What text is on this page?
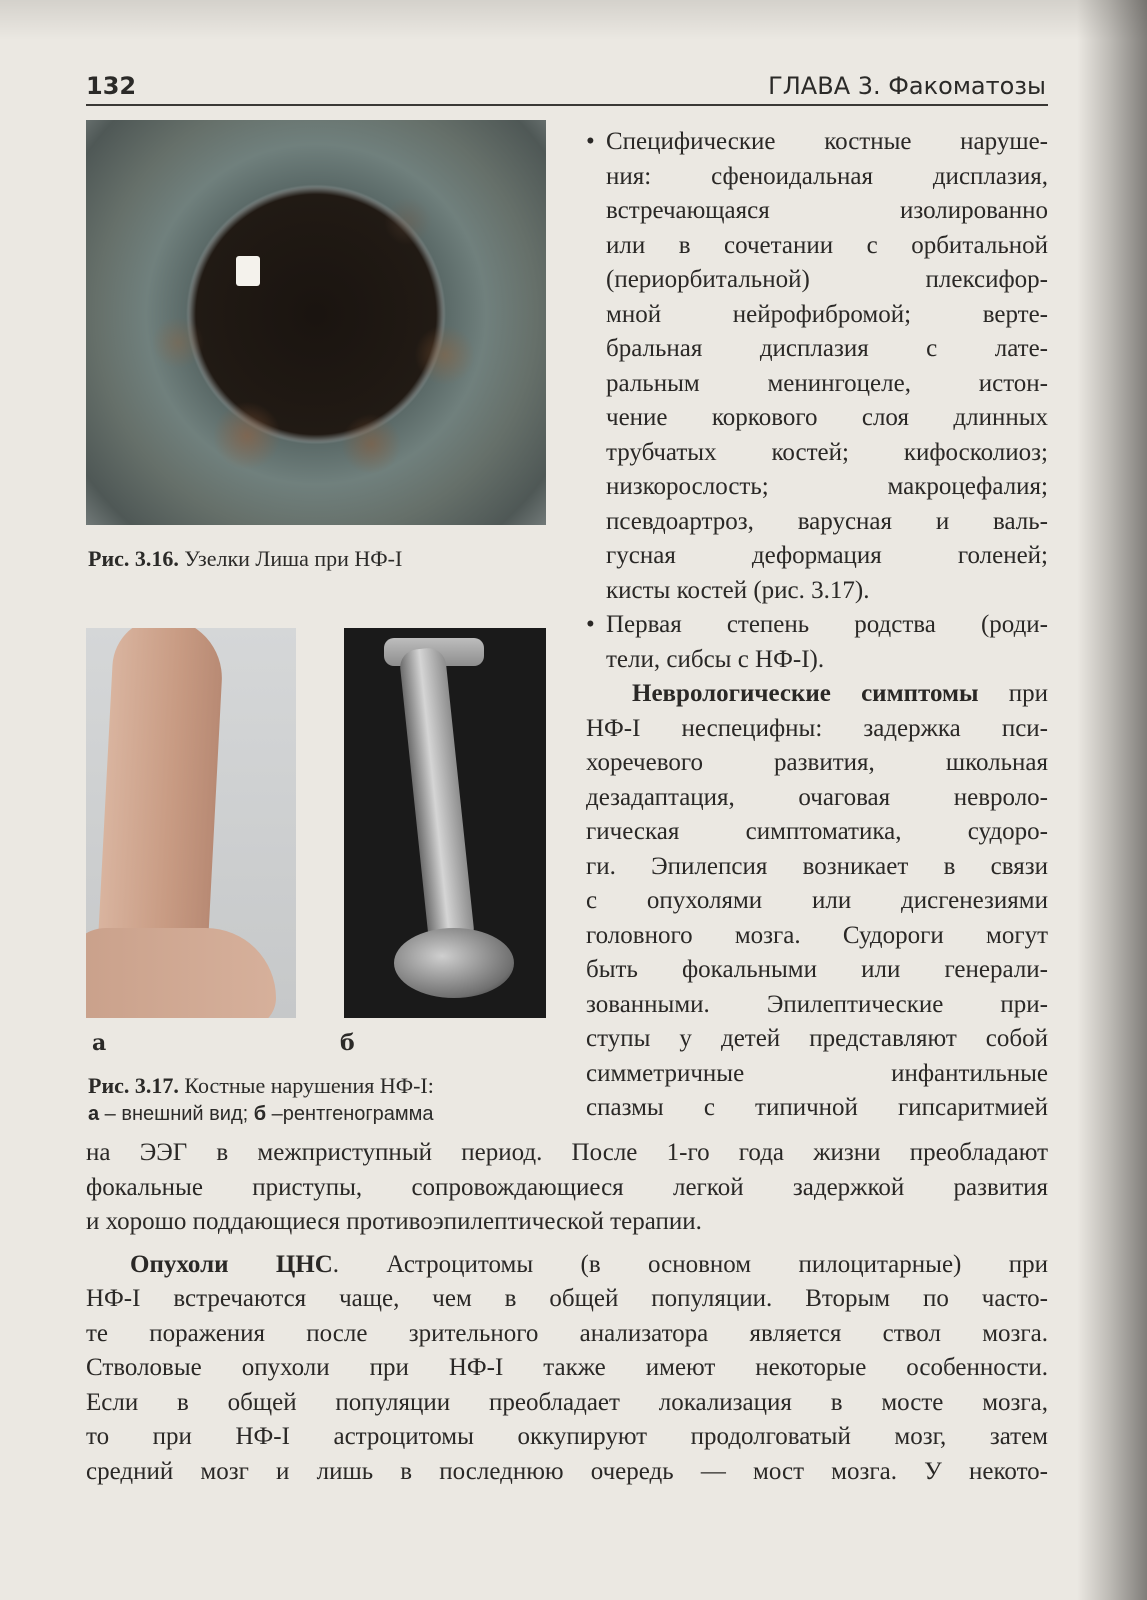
132	ГЛАВА 3. Факоматозы
Рис. 3.16. Узелки Лиша при НФ-I
а	б
Рис. 3.17. Костные нарушения НФ-I:
а – внешний вид; б –рентгенограмма
• Специфические костные наруше-
ния: сфеноидальная дисплазия,
встречающаяся изолированно
или в сочетании с орбитальной
(периорбитальной) плексифор-
мной нейрофибромой; верте-
бральная дисплазия с лате-
ральным менингоцеле, истон-
чение коркового слоя длинных
трубчатых костей; кифосколиоз;
низкорослость; макроцефалия;
псевдоартроз, варусная и валь-
гусная деформация голеней;
кисты костей (рис. 3.17).
• Первая степень родства (роди-
тели, сибсы с НФ-I).
Неврологические симптомы при
НФ-I неспецифны: задержка пси-
хоречевого развития, школьная
дезадаптация, очаговая невроло-
гическая симптоматика, судоро-
ги. Эпилепсия возникает в связи
с опухолями или дисгенезиями
головного мозга. Судороги могут
быть фокальными или генерали-
зованными. Эпилептические при-
ступы у детей представляют собой
симметричные инфантильные
спазмы с типичной гипсаритмией
на ЭЭГ в межприступный период. После 1-го года жизни преобладают
фокальные приступы, сопровождающиеся легкой задержкой развития
и хорошо поддающиеся противоэпилептической терапии.
Опухоли ЦНС. Астроцитомы (в основном пилоцитарные) при
НФ-I встречаются чаще, чем в общей популяции. Вторым по часто-
те поражения после зрительного анализатора является ствол мозга.
Стволовые опухоли при НФ-I также имеют некоторые особенности.
Если в общей популяции преобладает локализация в мосте мозга,
то при НФ-I астроцитомы оккупируют продолговатый мозг, затем
средний мозг и лишь в последнюю очередь — мост мозга. У некото-
